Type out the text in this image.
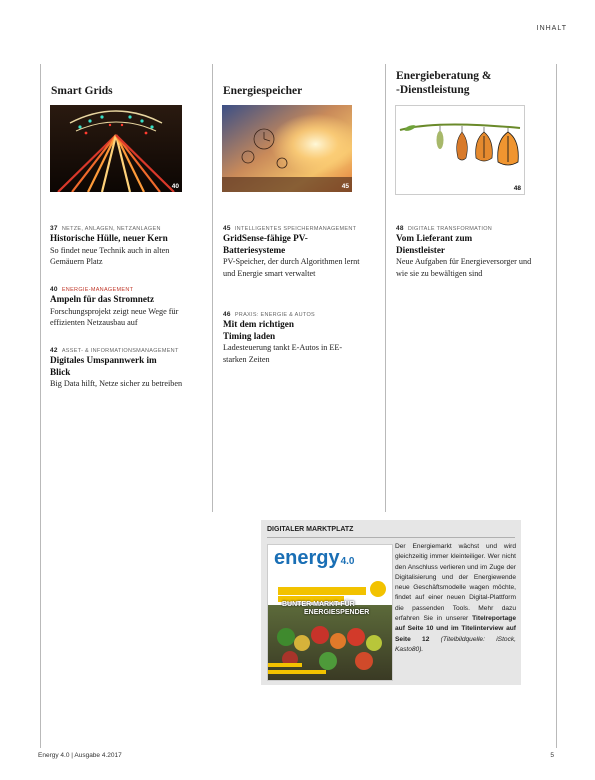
INHALT
Smart Grids
40
37 NETZE, ANLAGEN, NETZANLAGEN
Historische Hülle, neuer Kern
So findet neue Technik auch in alten Gemäuern Platz
40 ENERGIE-MANAGEMENT
Ampeln für das Stromnetz
Forschungsprojekt zeigt neue Wege für effizienten Netzausbau auf
42 ASSET- & INFORMATIONSMANAGEMENT
Digitales Umspannwerk im Blick
Big Data hilft, Netze sicher zu betreiben
Energiespeicher
45
45 INTELLIGENTES SPEICHERMANAGEMENT
GridSense-fähige PV-Batteriesysteme
PV-Speicher, der durch Algorithmen lernt und Energie smart verwaltet
46 PRAXIS: ENERGIE & AUTOS
Mit dem richtigen Timing laden
Ladesteuerung tankt E-Autos in EE-starken Zeiten
Energieberatung &
-Dienstleistung
48
48 DIGITALE TRANSFORMATION
Vom Lieferant zum Dienstleister
Neue Aufgaben für Energieversorger und wie sie zu bewältigen sind
DIGITALER MARKTPLATZ
energy4.0
BUNTER MARKT FÜR
ENERGIESPENDER
Der Energiemarkt wächst und wird gleichzeitig immer kleinteiliger. Wer nicht den Anschluss verlieren und im Zuge der Digitalisierung und der Energiewende neue Geschäftsmodelle wagen möchte, findet auf einer neuen Digital-Plattform die passenden Tools. Mehr dazu erfahren Sie in unserer Titelreportage auf Seite 10 und im Titelinterview auf Seite 12 (Titelbildquelle: iStock, Kasto80).
Energy 4.0 | Ausgabe 4.2017	5
